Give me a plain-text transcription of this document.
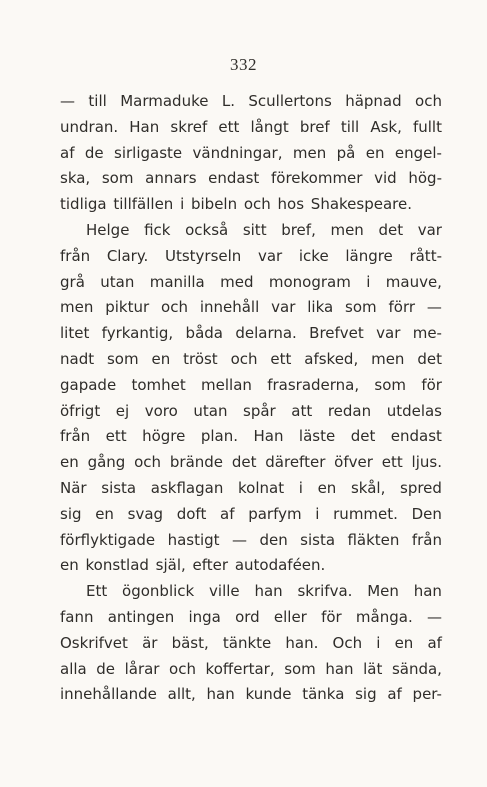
332
— till Marmaduke L. Scullertons häpnad och
undran. Han skref ett långt bref till Ask, fullt
af de sirligaste vändningar, men på en engel-
ska, som annars endast förekommer vid hög-
tidliga tillfällen i bibeln och hos Shakespeare.
Helge fick också sitt bref, men det var
från Clary. Utstyrseln var icke längre rått-
grå utan manilla med monogram i mauve,
men piktur och innehåll var lika som förr —
litet fyrkantig, båda delarna. Brefvet var me-
nadt som en tröst och ett afsked, men det
gapade tomhet mellan frasraderna, som för
öfrigt ej voro utan spår att redan utdelas
från ett högre plan. Han läste det endast
en gång och brände det därefter öfver ett ljus.
När sista askflagan kolnat i en skål, spred
sig en svag doft af parfym i rummet. Den
förflyktigade hastigt — den sista fläkten från
en konstlad själ, efter autodaféen.
Ett ögonblick ville han skrifva. Men han
fann antingen inga ord eller för många. —
Oskrifvet är bäst, tänkte han. Och i en af
alla de lårar och koffertar, som han lät sända,
innehållande allt, han kunde tänka sig af per-
